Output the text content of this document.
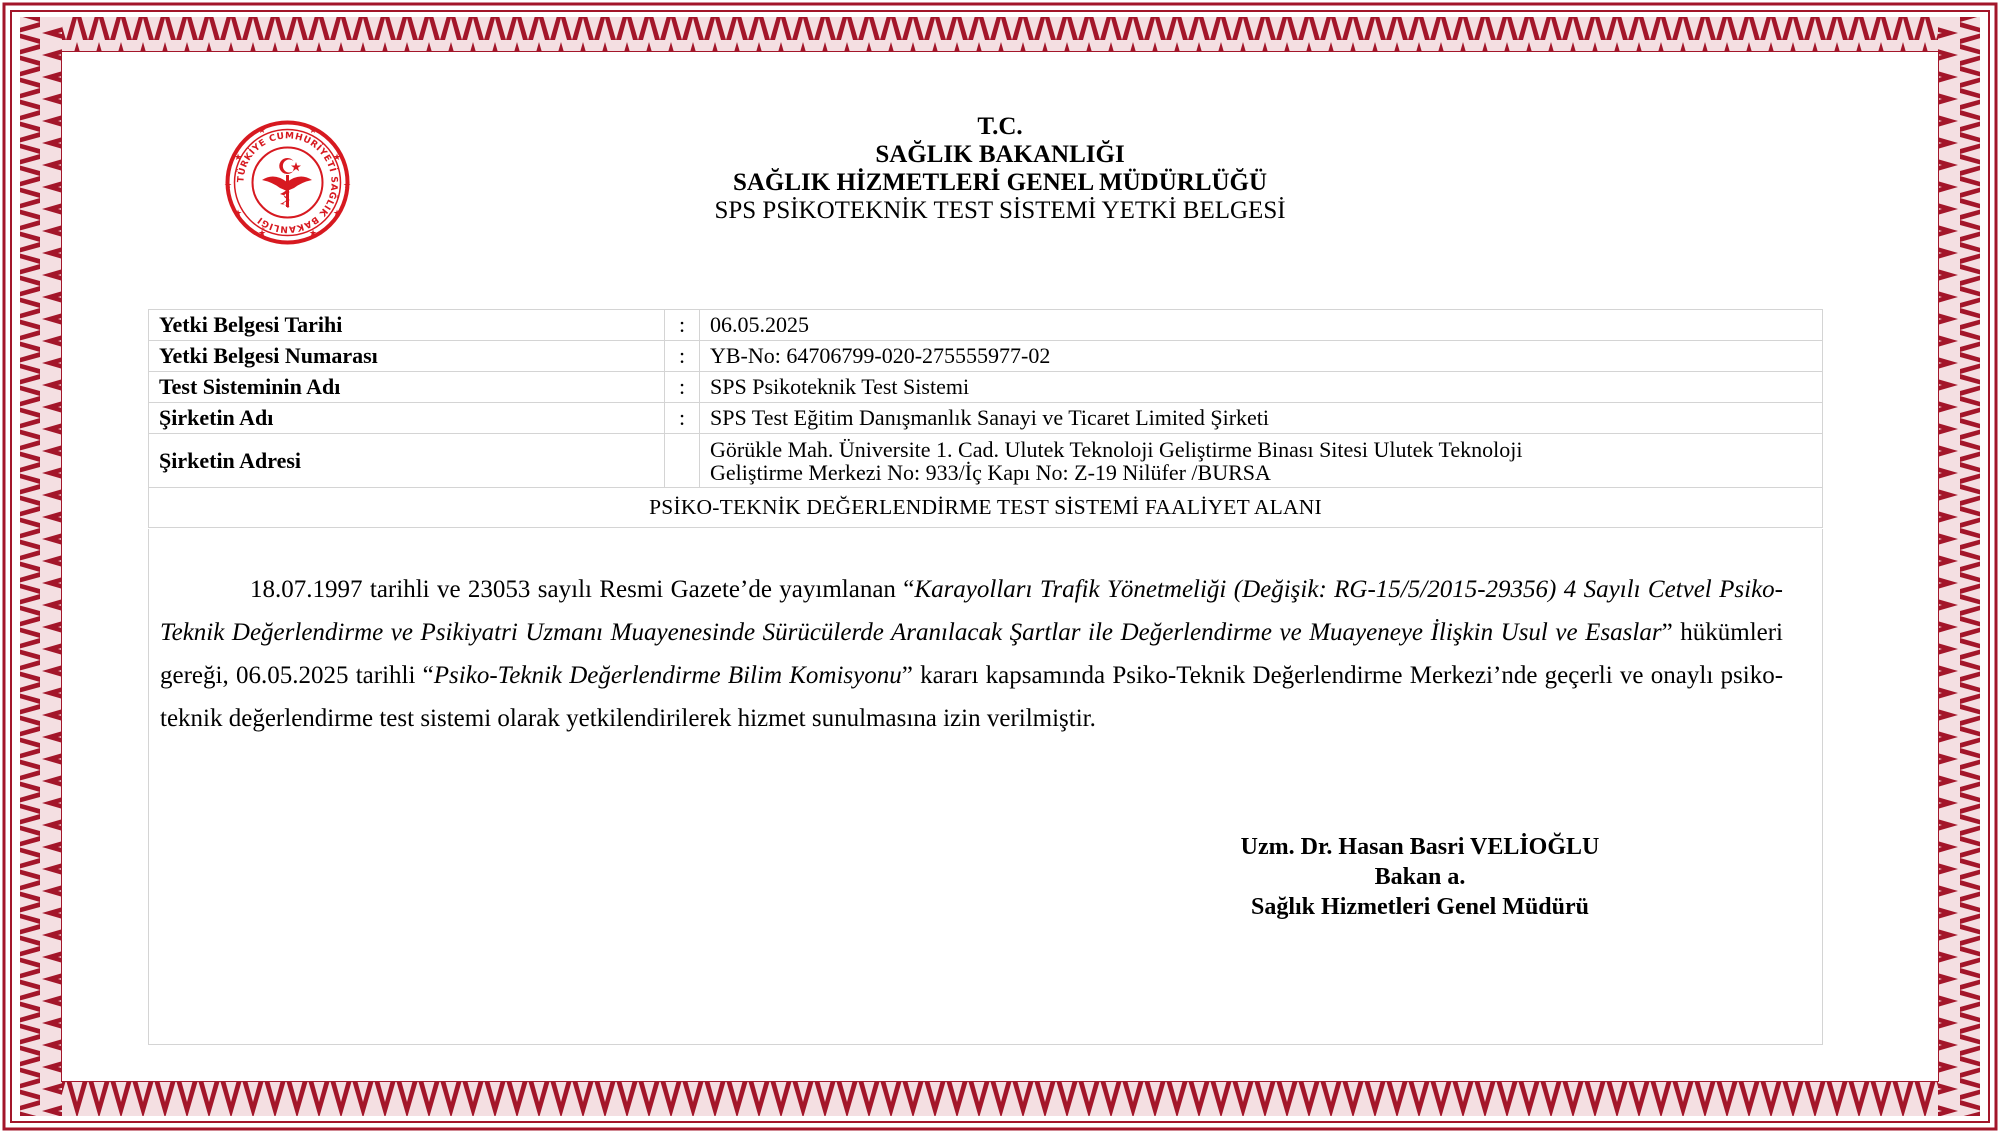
TÜRKİYE CUMHURİYETİ SAĞLIK BAKANLIĞI
★	★
★	★
★	★
★	★
★	★	T.C.
SAĞLIK BAKANLIĞI
SAĞLIK HİZMETLERİ GENEL MÜDÜRLÜĞÜ
SPS PSİKOTEKNİK TEST SİSTEMİ YETKİ BELGESİ
Yetki Belgesi Tarihi	:	06.05.2025
Yetki Belgesi Numarası	:	YB-No: 64706799-020-275555977-02
Test Sisteminin Adı	:	SPS Psikoteknik Test Sistemi
Şirketin Adı	:	SPS Test Eğitim Danışmanlık Sanayi ve Ticaret Limited Şirketi
Şirketin Adresi		Görükle Mah. Üniversite 1. Cad. Ulutek Teknoloji Geliştirme Binası Sitesi Ulutek Teknoloji
Geliştirme Merkezi No: 933/İç Kapı No: Z-19 Nilüfer /BURSA

PSİKO-TEKNİK DEĞERLENDİRME TEST SİSTEMİ FAALİYET ALANI		

18.07.1997 tarihli ve 23053 sayılı Resmi Gazete’de yayımlanan “Karayolları Trafik Yönetmeliği (Değişik: RG-15/5/2015-29356) 4 Sayılı Cetvel Psiko-Teknik Değerlendirme ve Psikiyatri Uzmanı Muayenesinde Sürücülerde Aranılacak Şartlar ile Değerlendirme ve Muayeneye İlişkin Usul ve Esaslar” hükümleri gereği, 06.05.2025 tarihli “Psiko-Teknik Değerlendirme Bilim Komisyonu” kararı kapsamında Psiko-Teknik Değerlendirme Merkezi’nde geçerli ve onaylı psiko-teknik değerlendirme test sistemi olarak yetkilendirilerek hizmet sunulmasına izin verilmiştir.

Uzm. Dr. Hasan Basri VELİOĞLU
Bakan a.
Sağlık Hizmetleri Genel Müdürü
